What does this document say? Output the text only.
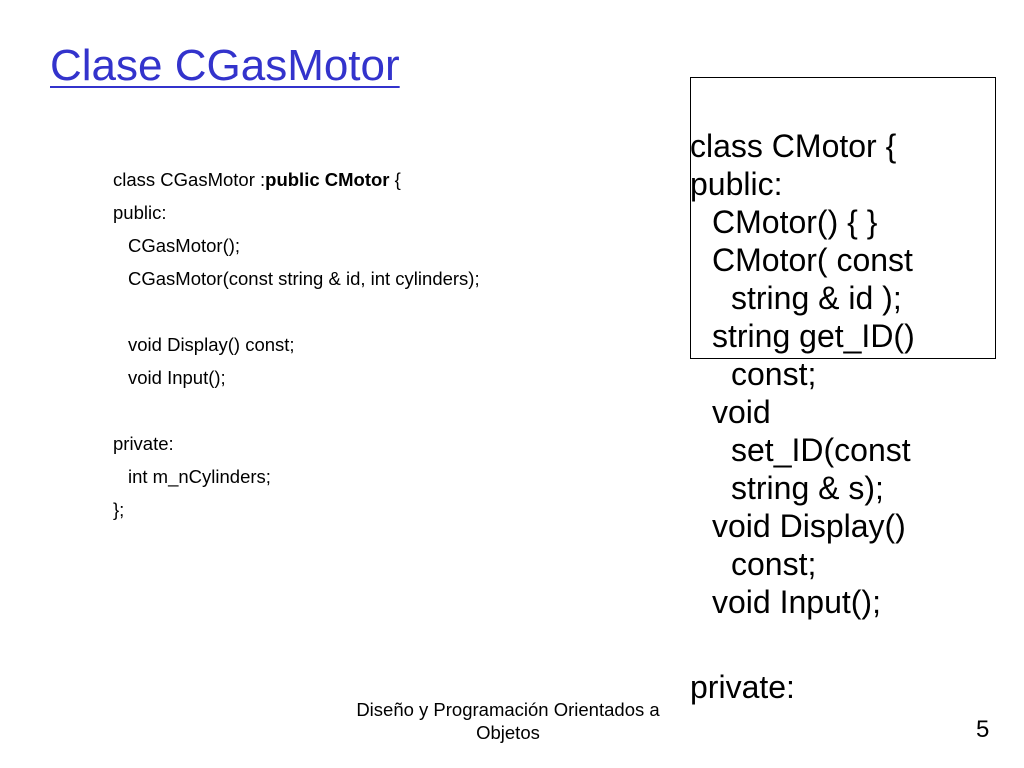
Clase CGasMotor
class CGasMotor :public CMotor {
public:
CGasMotor();
CGasMotor(const string & id, int cylinders);
void Display() const;
void Input();
private:
int m_nCylinders;
};
class CMotor {
public:
CMotor() { }
CMotor( const
string & id );
string get_ID()
const;
void
set_ID(const
string & s);
void Display()
const;
void Input();
private:
Diseño y Programación Orientados a
Objetos	5
